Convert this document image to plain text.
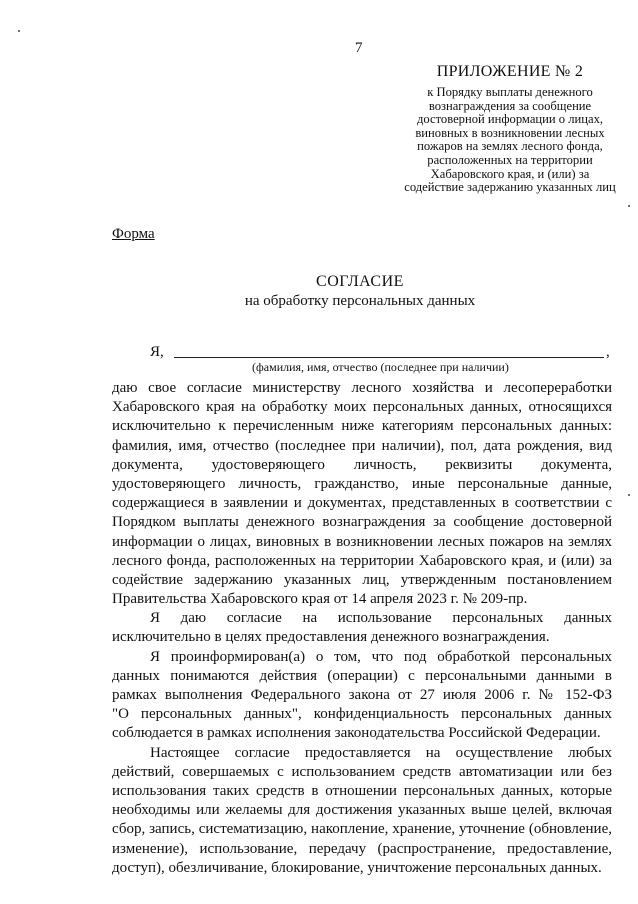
7
ПРИЛОЖЕНИЕ № 2
к Порядку выплаты денежного
вознаграждения за сообщение
достоверной информации о лицах,
виновных в возникновении лесных
пожаров на землях лесного фонда,
расположенных на территории
Хабаровского края, и (или) за
содействие задержанию указанных лиц
Форма
СОГЛАСИЕ
на обработку персональных данных
Я,	,
(фамилия, имя, отчество (последнее при наличии)
даю свое согласие министерству лесного хозяйства и лесопереработки
Хабаровского края на обработку моих персональных данных, относящихся
исключительно к перечисленным ниже категориям персональных данных:
фамилия, имя, отчество (последнее при наличии), пол, дата рождения, вид
документа, удостоверяющего личность, реквизиты документа,
удостоверяющего личность, гражданство, иные персональные данные,
содержащиеся в заявлении и документах, представленных в соответствии с
Порядком выплаты денежного вознаграждения за сообщение достоверной
информации о лицах, виновных в возникновении лесных пожаров на землях
лесного фонда, расположенных на территории Хабаровского края, и (или) за
содействие задержанию указанных лиц, утвержденным постановлением
Правительства Хабаровского края от 14 апреля 2023 г. № 209-пр.
Я даю согласие на использование персональных данных
исключительно в целях предоставления денежного вознаграждения.
Я проинформирован(а) о том, что под обработкой персональных
данных понимаются действия (операции) с персональными данными в
рамках выполнения Федерального закона от 27 июля 2006 г. № 152-ФЗ
"О персональных данных", конфиденциальность персональных данных
соблюдается в рамках исполнения законодательства Российской Федерации.
Настоящее согласие предоставляется на осуществление любых
действий, совершаемых с использованием средств автоматизации или без
использования таких средств в отношении персональных данных, которые
необходимы или желаемы для достижения указанных выше целей, включая
сбор, запись, систематизацию, накопление, хранение, уточнение (обновление,
изменение), использование, передачу (распространение, предоставление,
доступ), обезличивание, блокирование, уничтожение персональных данных.
